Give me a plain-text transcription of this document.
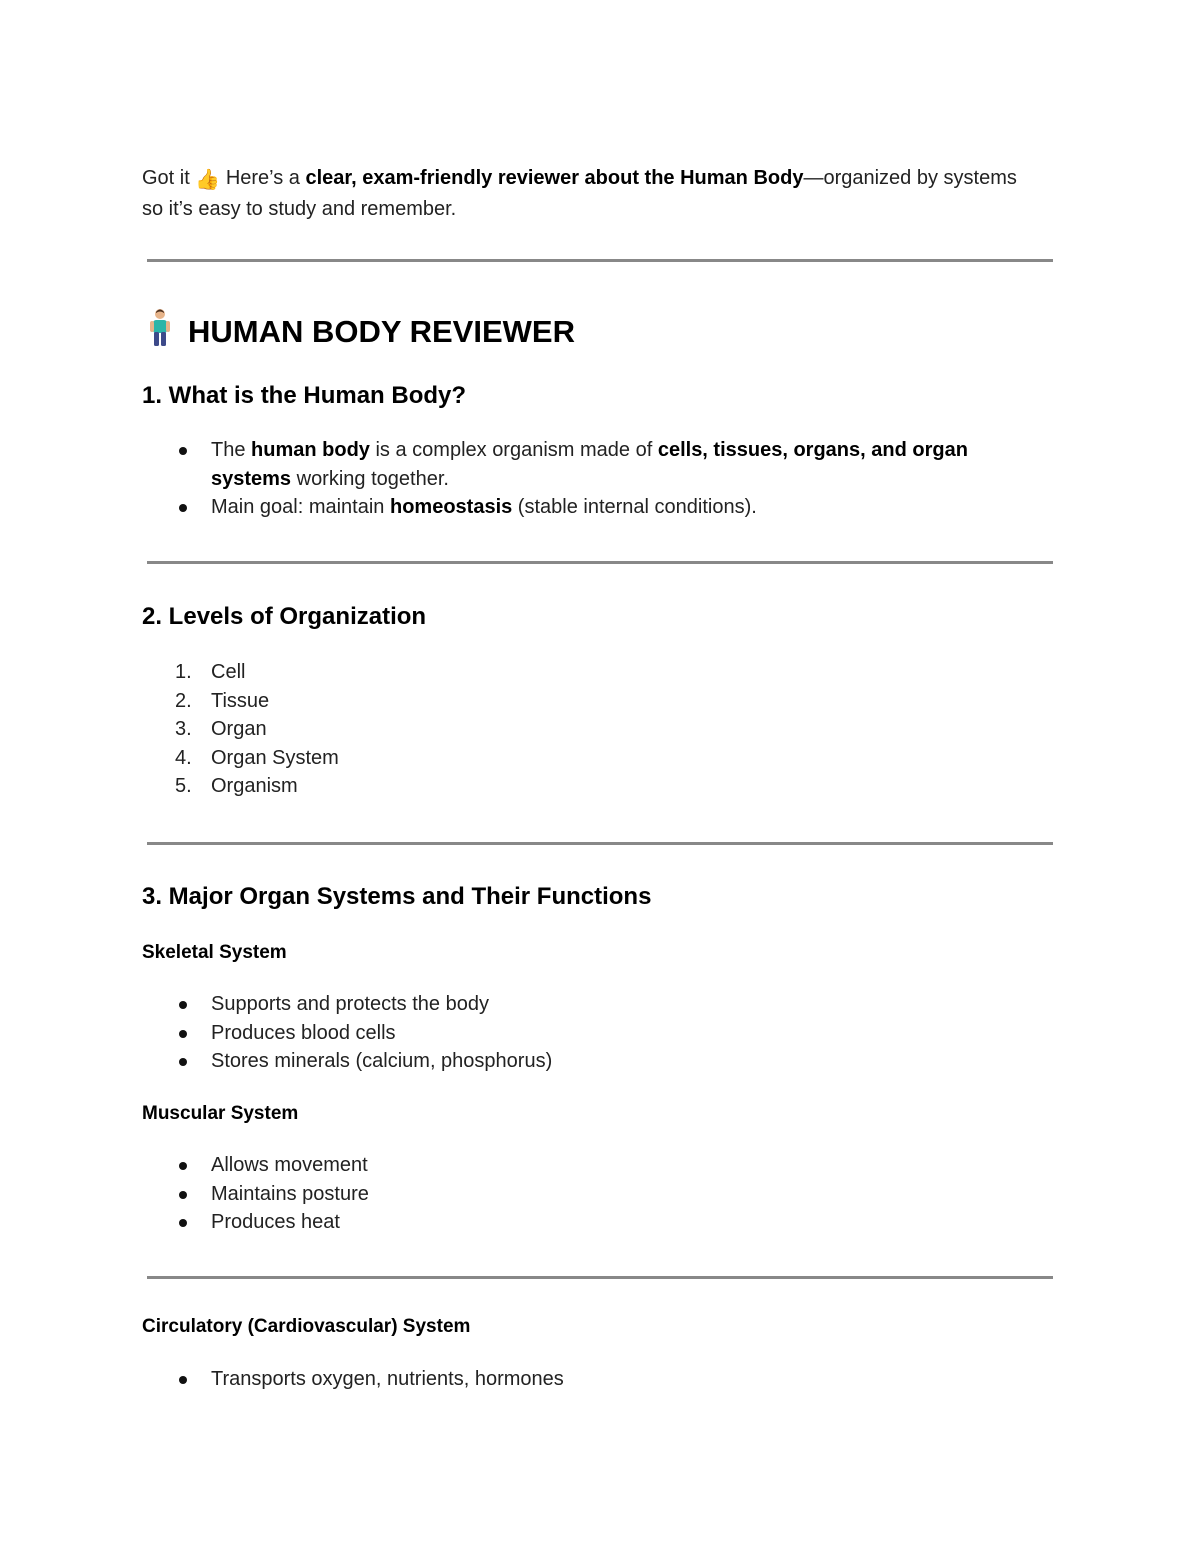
Got it 👍 Here’s a clear, exam-friendly reviewer about the Human Body—organized by systems so it’s easy to study and remember.

HUMAN BODY REVIEWER
1. What is the Human Body?
The human body is a complex organism made of cells, tissues, organs, and organ systems working together.
Main goal: maintain homeostasis (stable internal conditions).
2. Levels of Organization
1. Cell
2. Tissue
3. Organ
4. Organ System
5. Organism
3. Major Organ Systems and Their Functions
Skeletal System
Supports and protects the body
Produces blood cells
Stores minerals (calcium, phosphorus)
Muscular System
Allows movement
Maintains posture
Produces heat
Circulatory (Cardiovascular) System
Transports oxygen, nutrients, hormones
